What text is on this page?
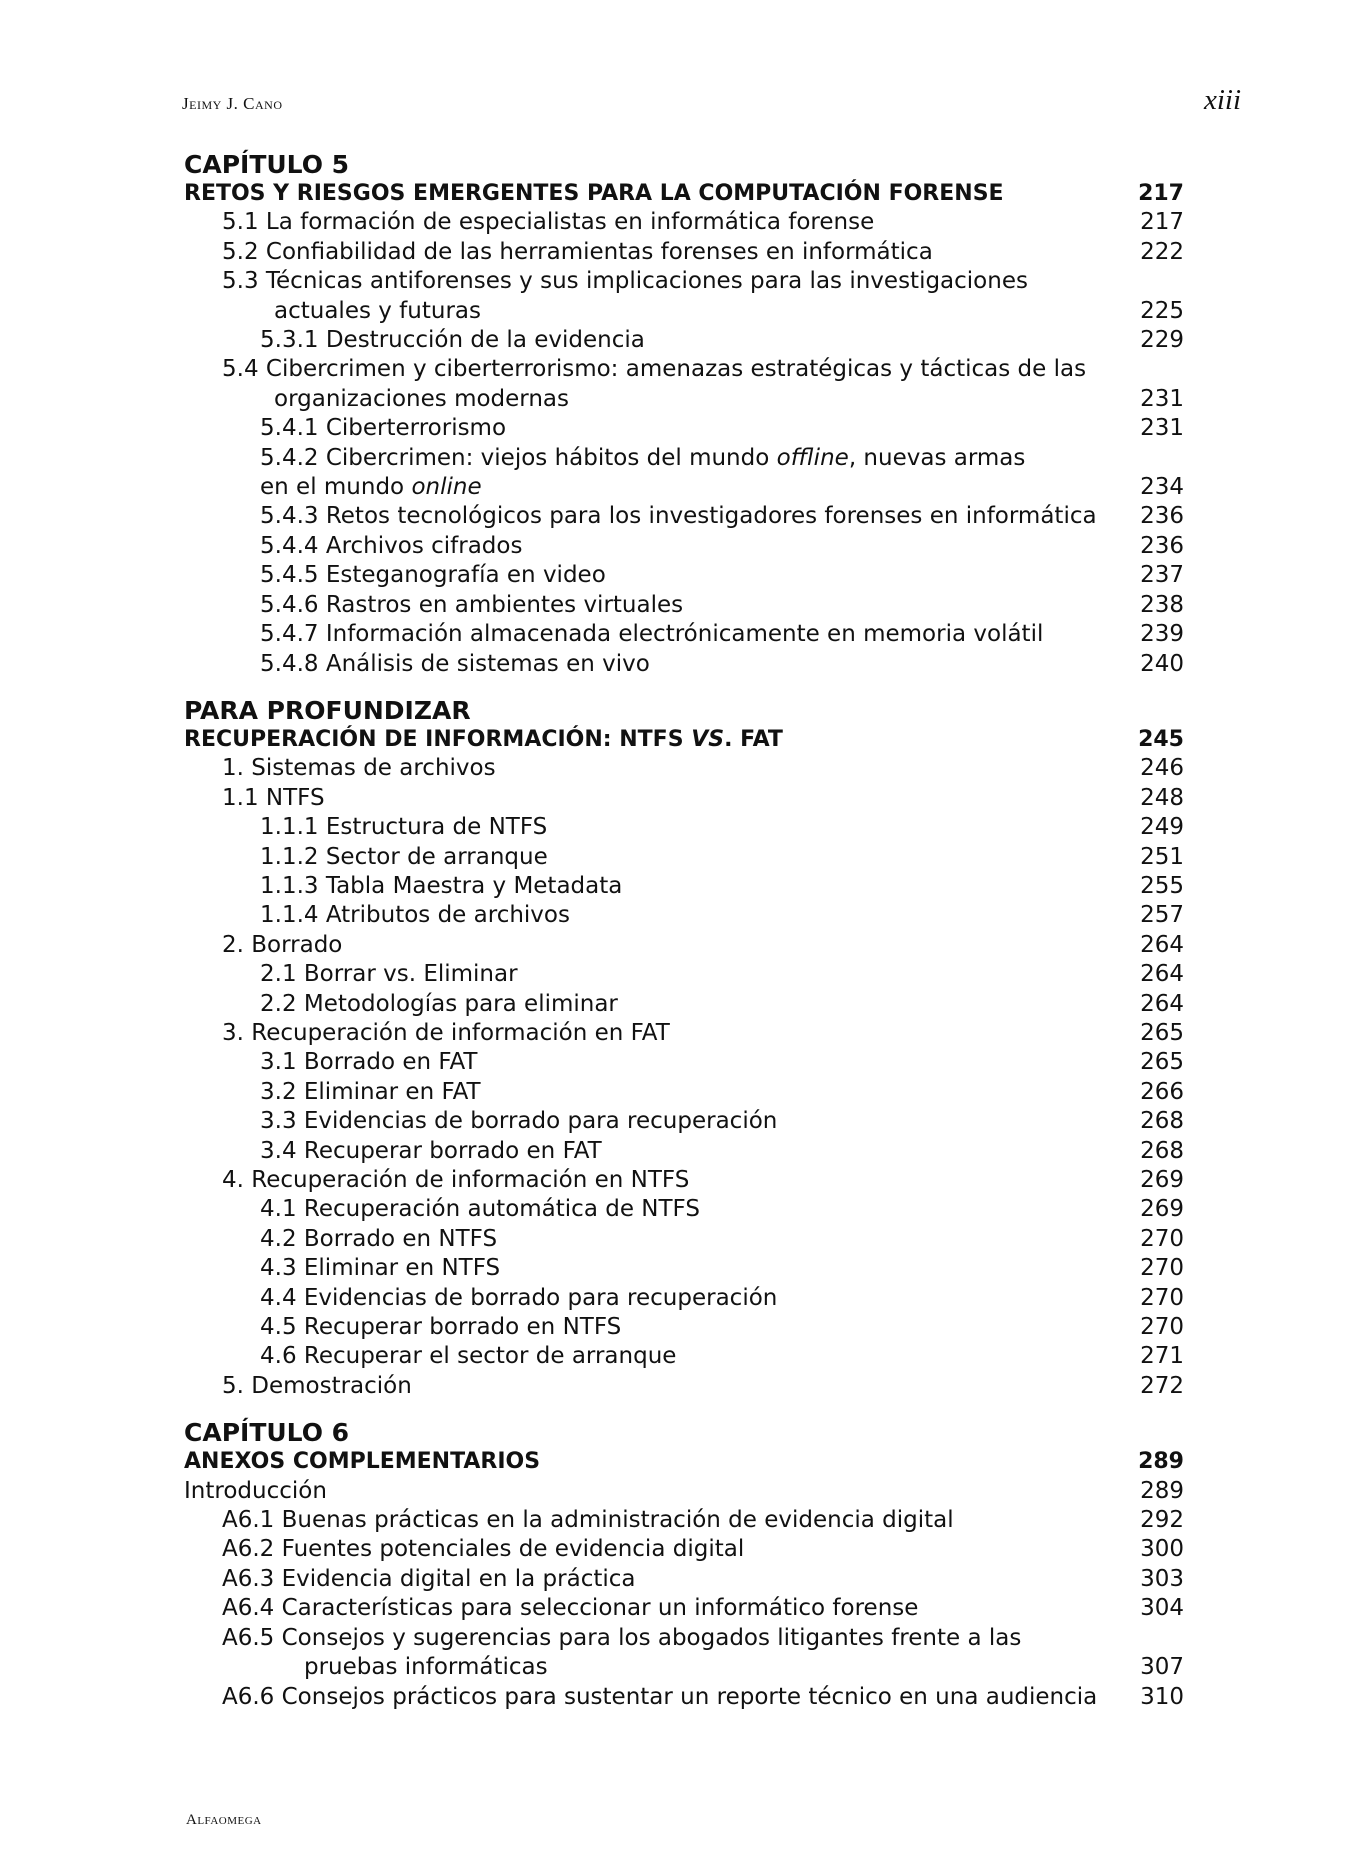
Jeimy J. Cano	xiii
CAPÍTULO 5
RETOS Y RIESGOS EMERGENTES PARA LA COMPUTACIÓN FORENSE	217
5.1 La formación de especialistas en informática forense	217
5.2 Confiabilidad de las herramientas forenses en informática	222
5.3 Técnicas antiforenses y sus implicaciones para las investigaciones
actuales y futuras	225
5.3.1 Destrucción de la evidencia	229
5.4 Cibercrimen y ciberterrorismo: amenazas estratégicas y tácticas de las
organizaciones modernas	231
5.4.1 Ciberterrorismo	231
5.4.2 Cibercrimen: viejos hábitos del mundo offline, nuevas armas
en el mundo online	234
5.4.3 Retos tecnológicos para los investigadores forenses en informática	236
5.4.4 Archivos cifrados	236
5.4.5 Esteganografía en video	237
5.4.6 Rastros en ambientes virtuales	238
5.4.7 Información almacenada electrónicamente en memoria volátil	239
5.4.8 Análisis de sistemas en vivo	240
PARA PROFUNDIZAR
RECUPERACIÓN DE INFORMACIÓN: NTFS VS. FAT	245
1. Sistemas de archivos	246
1.1 NTFS	248
1.1.1 Estructura de NTFS	249
1.1.2 Sector de arranque	251
1.1.3 Tabla Maestra y Metadata	255
1.1.4 Atributos de archivos	257
2. Borrado	264
2.1 Borrar vs. Eliminar	264
2.2 Metodologías para eliminar	264
3. Recuperación de información en FAT	265
3.1 Borrado en FAT	265
3.2 Eliminar en FAT	266
3.3 Evidencias de borrado para recuperación	268
3.4 Recuperar borrado en FAT	268
4. Recuperación de información en NTFS	269
4.1 Recuperación automática de NTFS	269
4.2 Borrado en NTFS	270
4.3 Eliminar en NTFS	270
4.4 Evidencias de borrado para recuperación	270
4.5 Recuperar borrado en NTFS	270
4.6 Recuperar el sector de arranque	271
5. Demostración	272
CAPÍTULO 6
ANEXOS COMPLEMENTARIOS	289
Introducción	289
A6.1 Buenas prácticas en la administración de evidencia digital	292
A6.2 Fuentes potenciales de evidencia digital	300
A6.3 Evidencia digital en la práctica	303
A6.4 Características para seleccionar un informático forense	304
A6.5 Consejos y sugerencias para los abogados litigantes frente a las
pruebas informáticas	307
A6.6 Consejos prácticos para sustentar un reporte técnico en una audiencia	310
Alfaomega
